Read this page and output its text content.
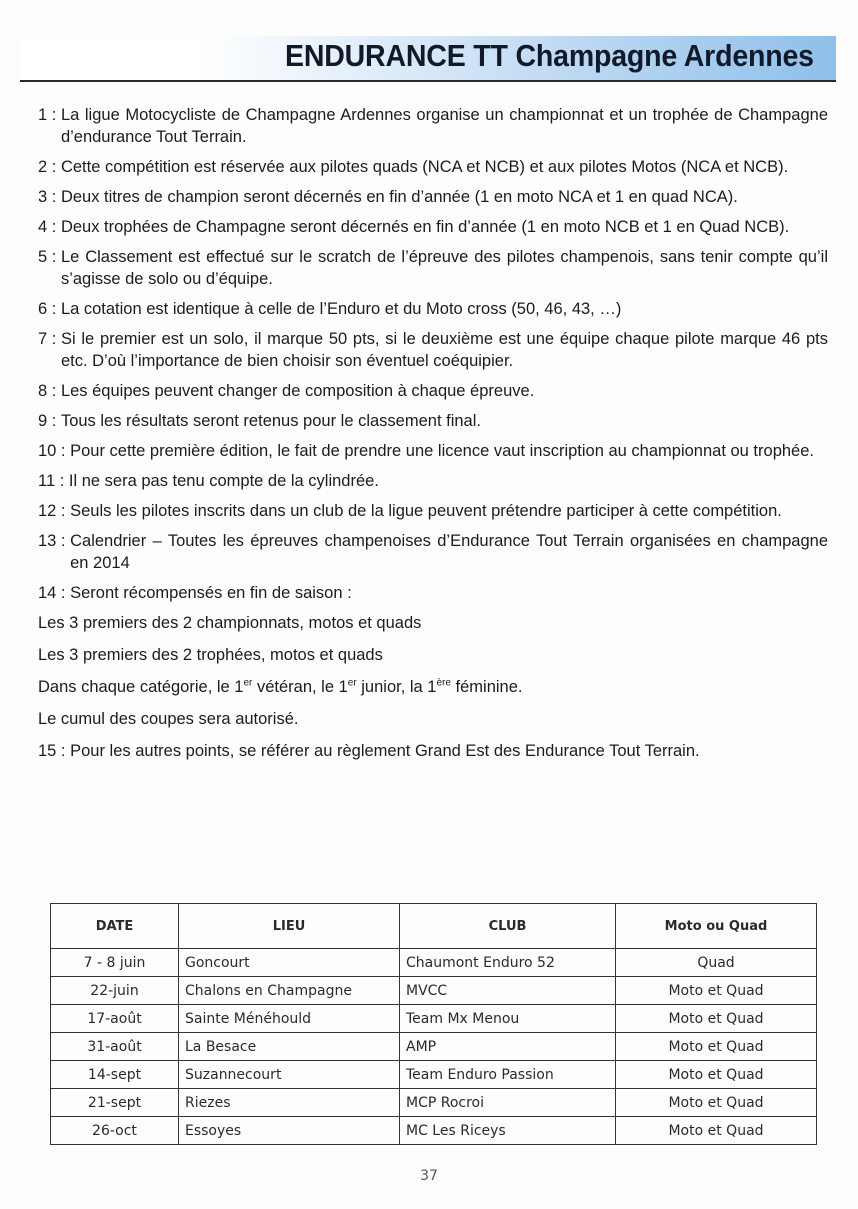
ENDURANCE TT Champagne Ardennes
1 : La ligue Motocycliste de Champagne Ardennes organise un championnat et un trophée de Champagne d’endurance Tout Terrain.
2 : Cette compétition est réservée aux pilotes quads (NCA et NCB) et aux pilotes Motos (NCA et NCB).
3 : Deux titres de champion seront décernés en fin d’année (1 en moto NCA et 1 en quad NCA).
4 : Deux trophées de Champagne seront décernés en fin d’année (1 en moto NCB et 1 en Quad NCB).
5 : Le Classement est effectué sur le scratch de l’épreuve des pilotes champenois, sans tenir compte qu’il s’agisse de solo ou d’équipe.
6 : La cotation est identique à celle de l’Enduro et du Moto cross (50, 46, 43, …)
7 : Si le premier est un solo, il marque 50 pts, si le deuxième est une équipe chaque pilote marque 46 pts etc. D’où l’importance de bien choisir son éventuel coéquipier.
8 : Les équipes peuvent changer de composition à chaque épreuve.
9 : Tous les résultats seront retenus pour le classement final.
10 : Pour cette première édition, le fait de prendre une licence vaut inscription au championnat ou trophée.
11 : Il ne sera pas tenu compte de la cylindrée.
12 : Seuls les pilotes inscrits dans un club de la ligue peuvent prétendre participer à cette compétition.
13 : Calendrier – Toutes les épreuves champenoises d’Endurance Tout Terrain organisées en champagne en 2014
14 : Seront récompensés en fin de saison :
Les 3 premiers des 2 championnats, motos et quads
Les 3 premiers des 2 trophées, motos et quads
Dans chaque catégorie, le 1er vétéran, le 1er junior, la 1ère féminine.
Le cumul des coupes sera autorisé.
15 : Pour les autres points, se référer au règlement Grand Est des Endurance Tout Terrain.
DATE	LIEU	CLUB	Moto ou Quad
7 - 8 juin	Goncourt	Chaumont Enduro 52	Quad
22-juin	Chalons en Champagne	MVCC	Moto et Quad
17-août	Sainte Ménéhould	Team Mx Menou	Moto et Quad
31-août	La Besace	AMP	Moto et Quad
14-sept	Suzannecourt	Team Enduro Passion	Moto et Quad
21-sept	Riezes	MCP Rocroi	Moto et Quad
26-oct	Essoyes	MC Les Riceys	Moto et Quad
37
